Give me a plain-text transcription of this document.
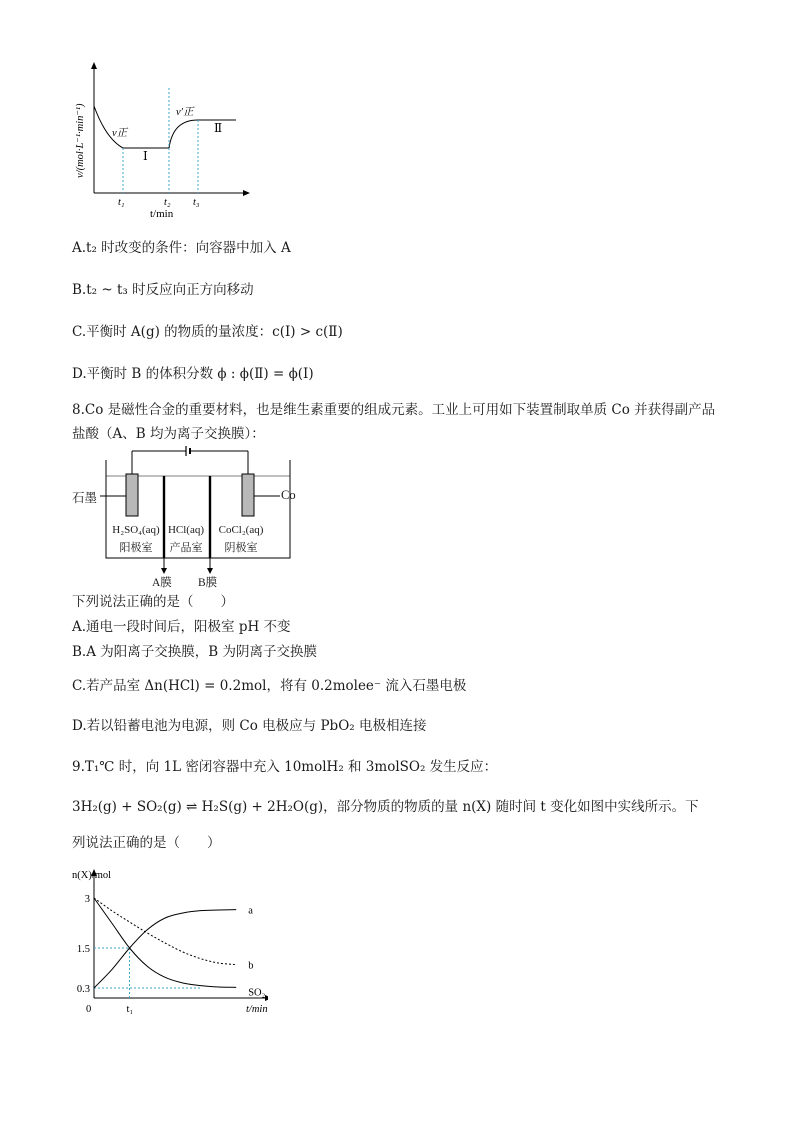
v/(mol·L⁻¹·min⁻¹) v正
v′正
Ⅰ
Ⅱ
t₁	t₂ t₃
t/min
A.t₂ 时改变的条件：向容器中加入 A
B.t₂ ~ t₃ 时反应向正方向移动
C.平衡时 A(g) 的物质的量浓度：c(Ⅰ) > c(Ⅱ)
D.平衡时 B 的体积分数 ϕ : ϕ(Ⅱ) = ϕ(Ⅰ)
8.Co 是磁性合金的重要材料，也是维生素重要的组成元素。工业上可用如下装置制取单质 Co 并获得副产品
盐酸（A、B 均为离子交换膜）：
石墨	Co
H₂SO₄(aq)
阳极室
HCl(aq)
产品室
CoCl₂(aq)
阴极室
A膜 B膜
下列说法正确的是（　　）
A.通电一段时间后，阳极室 pH 不变
B.A 为阳离子交换膜，B 为阴离子交换膜
C.若产品室 Δn(HCl) = 0.2mol，将有 0.2molee⁻ 流入石墨电极
D.若以铅蓄电池为电源，则 Co 电极应与 PbO₂ 电极相连接
9.T₁℃ 时，向 1L 密闭容器中充入 10molH₂ 和 3molSO₂ 发生反应：
3H₂(g) + SO₂(g) ⇌ H₂S(g) + 2H₂O(g)，部分物质的物质的量 n(X) 随时间 t 变化如图中实线所示。下
列说法正确的是（　　）
n(X)/mol
t/min
3
1.5
0.3
0	t₁
a
b
SO₂
